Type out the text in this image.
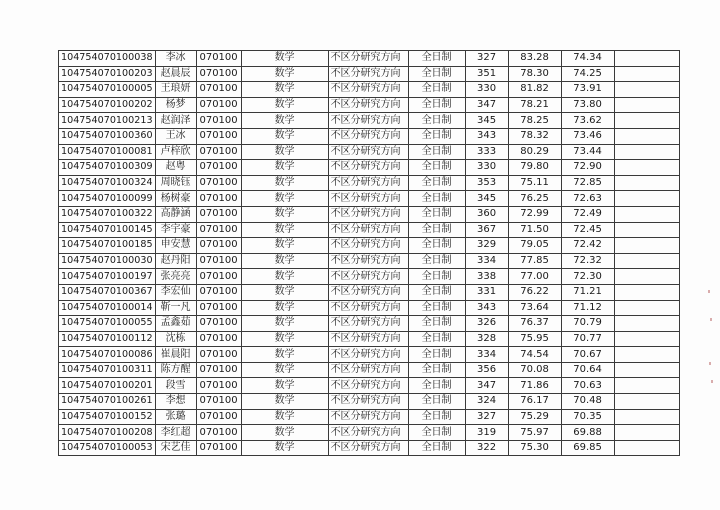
104754070100038	李冰	070100	数学	不区分研究方向	全日制	327	83.28	74.34	
104754070100203	赵晨辰	070100	数学	不区分研究方向	全日制	351	78.30	74.25	
104754070100005	王琅妍	070100	数学	不区分研究方向	全日制	330	81.82	73.91	
104754070100202	杨梦	070100	数学	不区分研究方向	全日制	347	78.21	73.80	
104754070100213	赵润泽	070100	数学	不区分研究方向	全日制	345	78.25	73.62	
104754070100360	王冰	070100	数学	不区分研究方向	全日制	343	78.32	73.46	
104754070100081	卢梓欣	070100	数学	不区分研究方向	全日制	333	80.29	73.44	
104754070100309	赵粤	070100	数学	不区分研究方向	全日制	330	79.80	72.90	
104754070100324	周晓钰	070100	数学	不区分研究方向	全日制	353	75.11	72.85	
104754070100099	杨树豪	070100	数学	不区分研究方向	全日制	345	76.25	72.63	
104754070100322	高静涵	070100	数学	不区分研究方向	全日制	360	72.99	72.49	
104754070100145	李宇豪	070100	数学	不区分研究方向	全日制	367	71.50	72.45	
104754070100185	申安慧	070100	数学	不区分研究方向	全日制	329	79.05	72.42	
104754070100030	赵丹阳	070100	数学	不区分研究方向	全日制	334	77.85	72.32	
104754070100197	张亮亮	070100	数学	不区分研究方向	全日制	338	77.00	72.30	
104754070100367	李宏仙	070100	数学	不区分研究方向	全日制	331	76.22	71.21	
104754070100014	靳一凡	070100	数学	不区分研究方向	全日制	343	73.64	71.12	
104754070100055	孟鑫茹	070100	数学	不区分研究方向	全日制	326	76.37	70.79	
104754070100112	沈栋	070100	数学	不区分研究方向	全日制	328	75.95	70.77	
104754070100086	崔晨阳	070100	数学	不区分研究方向	全日制	334	74.54	70.67	
104754070100311	陈方醒	070100	数学	不区分研究方向	全日制	356	70.08	70.64	
104754070100201	段雪	070100	数学	不区分研究方向	全日制	347	71.86	70.63	
104754070100261	李想	070100	数学	不区分研究方向	全日制	324	76.17	70.48	
104754070100152	张璐	070100	数学	不区分研究方向	全日制	327	75.29	70.35	
104754070100208	李红超	070100	数学	不区分研究方向	全日制	319	75.97	69.88	
104754070100053	宋艺佳	070100	数学	不区分研究方向	全日制	322	75.30	69.85	
